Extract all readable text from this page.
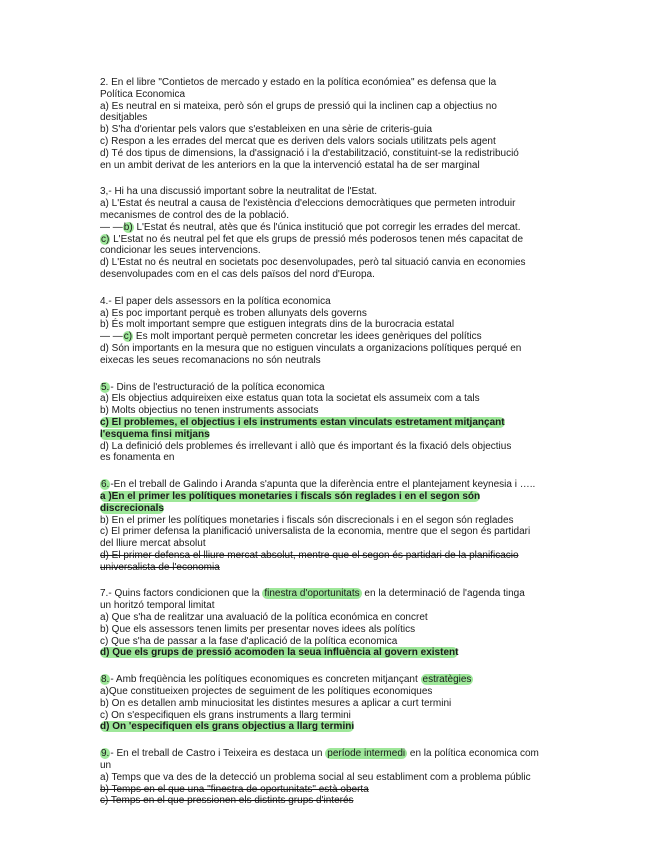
2. En el libre "Contietos de mercado y estado en la política económiea" es defensa que la
Política Economica
a) Es neutral en si mateixa, però són el grups de pressió qui la inclinen cap a objectius no
desitjables
b) S'ha d'orientar pels valors que s'estableixen en una sèrie de criteris-guia
c) Respon a les errades del mercat que es deriven dels valors socials utilitzats pels agent
d) Té dos tipus de dimensions, la d'assignació i la d'estabilització, constituint-se la redistribució
en un ambit derivat de les anteriors en la que la intervenció estatal ha de ser marginal
3,- Hi ha una discussió important sobre la neutralitat de l'Estat.
a) L'Estat és neutral a causa de l'existència d'eleccions democràtiques que permeten introduir
mecanismes de control des de la població.
— —b) L'Estat és neutral, atès que és l'única institució que pot corregir les errades del mercat.
c) L'Estat no és neutral pel fet que els grups de pressió més poderosos tenen més capacitat de
condicionar les seues intervencions.
d) L'Estat no és neutral en societats poc desenvolupades, però tal situació canvia en economies
desenvolupades com en el cas dels països del nord d'Europa.
4.- El paper dels assessors en la política economica
a) Es poc important perquè es troben allunyats dels governs
b) És molt important sempre que estiguen integrats dins de la burocracia estatal
— —c) Es molt important perquè permeten concretar les idees genèriques del polítics
d) Són importants en la mesura que no estiguen vinculats a organizacions polítiques perqué en
eixecas les seues recomanacions no són neutrals
5.- Dins de l'estructuració de la política economica
a) Els objectius adquireixen eixe estatus quan tota la societat els assumeix com a tals
b) Molts objectius no tenen instruments associats
c) El problemes, el objectius i els instruments estan vinculats estretament mitjançant
l'esquema finsi mitjans
d) La definició dels problemes és irrellevant i allò que és important és la fixació dels objectius
es fonamenta en
6.-En el treball de Galindo i Aranda s'apunta que la diferència entre el plantejament keynesia i …..
a )En el primer les polítiques monetaries i fiscals són reglades i en el segon són
discrecionals
b) En el primer les polítiques monetaries i fiscals són discrecionals i en el segon són reglades
c) El primer defensa la planificació universalista de la economia, mentre que el segon és partidari
del lliure mercat absolut
d) El primer defensa el lliure mercat absolut, mentre que el segon és partidari de la planificacio
universalista de l'economia
7.- Quins factors condicionen que la finestra d'oportunitats en la determinació de l'agenda tinga
un horitzó temporal limitat
a) Que s'ha de realitzar una avaluació de la política económica en concret
b) Que els assessors tenen limits per presentar noves idees als polítics
c) Que s'ha de passar a la fase d'aplicació de la política economica
d) Que els grups de pressió acomoden la seua influència al govern existent
8.- Amb freqüència les polítiques economiques es concreten mitjançant estratègies
a)Que constitueixen projectes de seguiment de les polítiques economiques
b) On es detallen amb minuciositat les distintes mesures a aplicar a curt termini
c) On s'especifiquen els grans instruments a llarg termini
d) On 'especifiquen els grans objectius a llarg termini
9.- En el treball de Castro i Teixeira es destaca un període intermedi en la política economica com
un
a) Temps que va des de la detecció un problema social al seu establiment com a problema públic
b) Temps en el que una "finestra de oportunitats" està oberta
c) Temps en el que pressionen els distints grups d'interés
